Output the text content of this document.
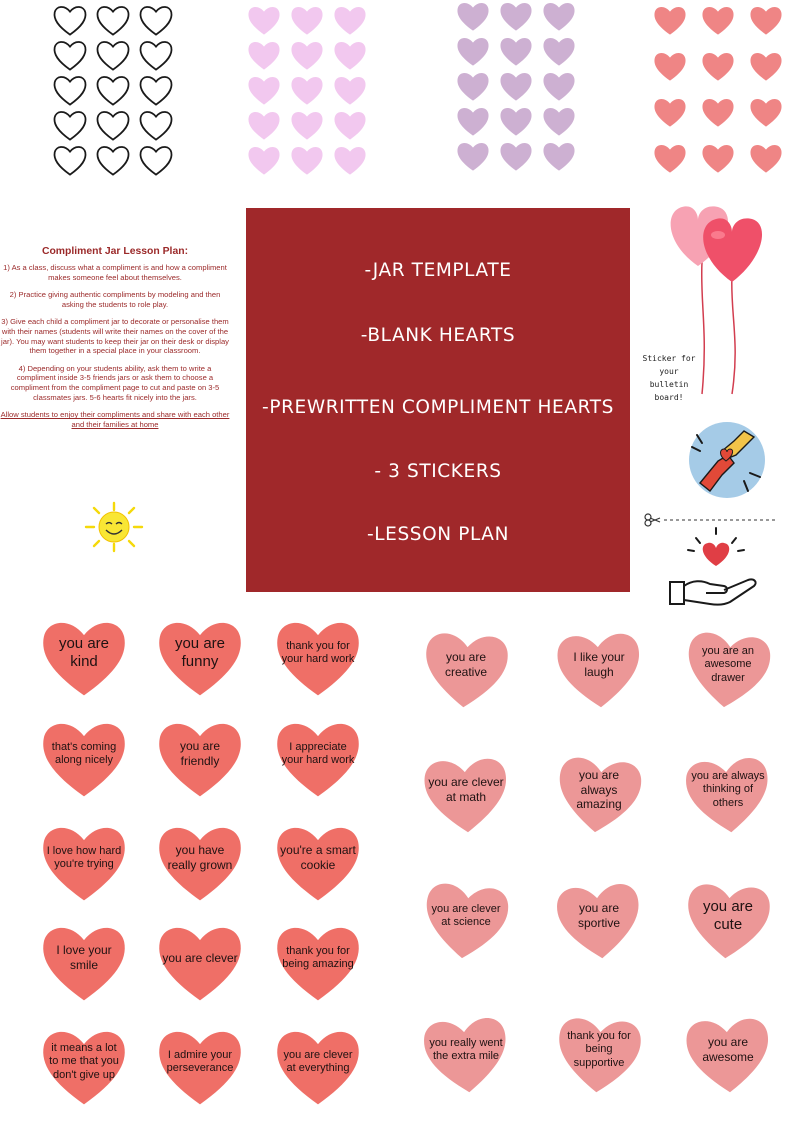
Compliment Jar Lesson Plan:

1) As a class, discuss what a compliment is and how a compliment makes someone feel about themselves.

2) Practice giving authentic compliments by modeling and then asking the students to role play.

3) Give each child a compliment jar to decorate or personalise them with their names (students will write their names on the cover of the jar). You may want students to keep their jar on their desk or display them together in a special place in your classroom.

4) Depending on your students ability, ask them to write a compliment inside 3-5 friends jars or ask them to choose a compliment from the compliment page to cut and paste on 3-5 classmates jars. 5-6 hearts fit nicely into the jars.

Allow students to enjoy their compliments and share with each other and their families at home

-JAR TEMPLATE
-BLANK HEARTS
-PREWRITTEN COMPLIMENT HEARTS
- 3 STICKERS
-LESSON PLAN
Sticker for your bulletin board!
you are kind
you are funny
thank you for your hard work
that's coming along nicely
you are friendly
I appreciate your hard work
I love how hard you're trying
you have really grown
you're a smart cookie
I love your smile
you are clever
thank you for being amazing
it means a lot to me that you don't give up
I admire your perseverance
you are clever at everything
you are creative
I like your laugh
you are an awesome drawer
you are clever at math
you are always amazing
you are always thinking of others
you are clever at science
you are sportive
you are cute
you really went the extra mile
thank you for being supportive
you are awesome
